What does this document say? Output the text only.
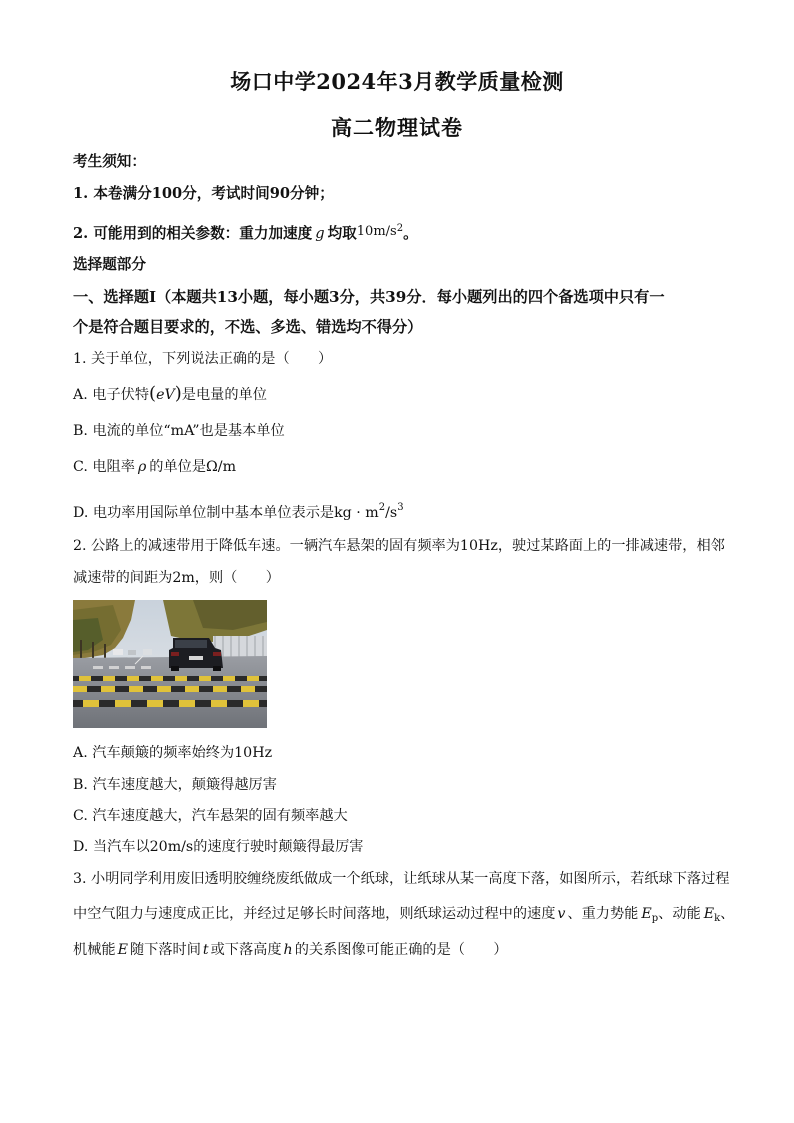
场口中学2024年3月教学质量检测
高二物理试卷
考生须知：
1. 本卷满分100分，考试时间90分钟；
2. 可能用到的相关参数：重力加速度 g 均取$10m/s^2$。
选择题部分
一、选择题Ⅰ（本题共13小题，每小题3分，共39分．每小题列出的四个备选项中只有一
个是符合题目要求的，不选、多选、错选均不得分）
1. 关于单位，下列说法正确的是（　　）
A. 电子伏特(eV)是电量的单位
B. 电流的单位“mA”也是基本单位
C. 电阻率 ρ 的单位是Ω/m
D. 电功率用国际单位制中基本单位表示是kg · $m^2/s^3$
2. 公路上的减速带用于降低车速。一辆汽车悬架的固有频率为10Hz，驶过某路面上的一排减速带，相邻
减速带的间距为2m，则（　　）
A. 汽车颠簸的频率始终为10Hz
B. 汽车速度越大，颠簸得越厉害
C. 汽车速度越大，汽车悬架的固有频率越大
D. 当汽车以20m/s的速度行驶时颠簸得最厉害
3. 小明同学利用废旧透明胶缠绕废纸做成一个纸球，让纸球从某一高度下落，如图所示，若纸球下落过程
中空气阻力与速度成正比，并经过足够长时间落地，则纸球运动过程中的速度 v 、重力势能 $E_p$、动能 $E_k$、
机械能 E 随下落时间 t 或下落高度 h 的关系图像可能正确的是（　　）
